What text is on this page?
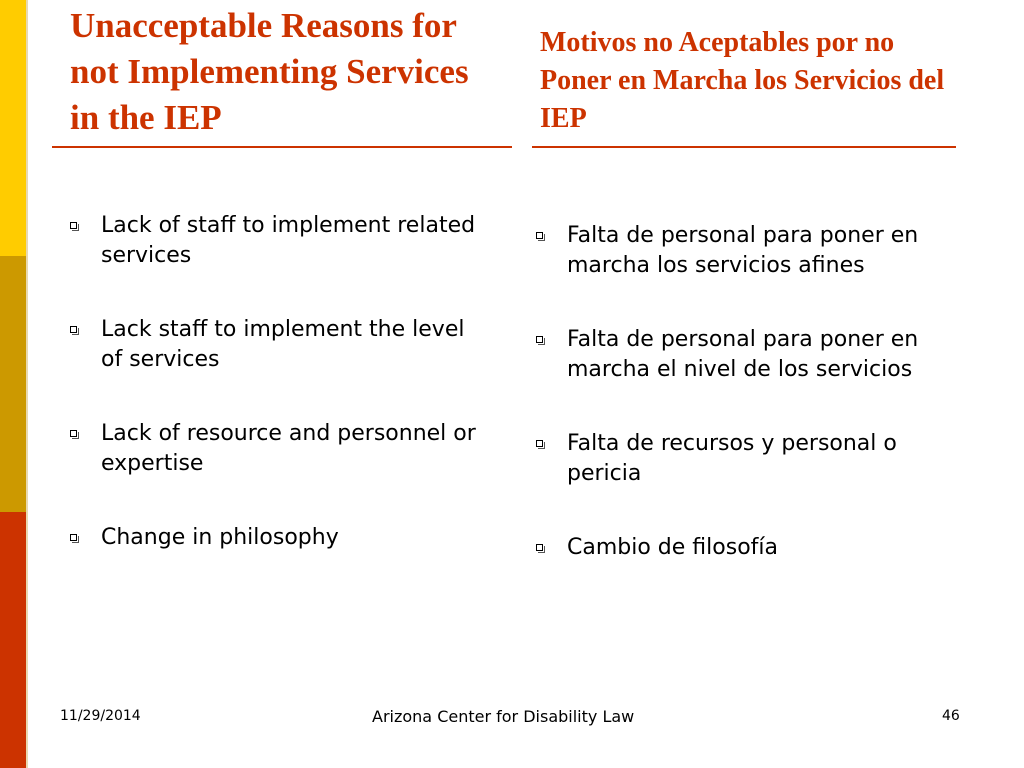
Unacceptable Reasons for not Implementing Services in the IEP
Motivos no Aceptables por no Poner en Marcha los Servicios del IEP
Lack of staff to implement related services
Lack staff to implement the level of services
Lack of resource and personnel or expertise
Change in philosophy
Falta de personal para poner en marcha los servicios afines
Falta de personal para poner en marcha el nivel de los servicios
Falta de recursos y personal o pericia
Cambio de filosofía
11/29/2014	Arizona Center for Disability Law	46
